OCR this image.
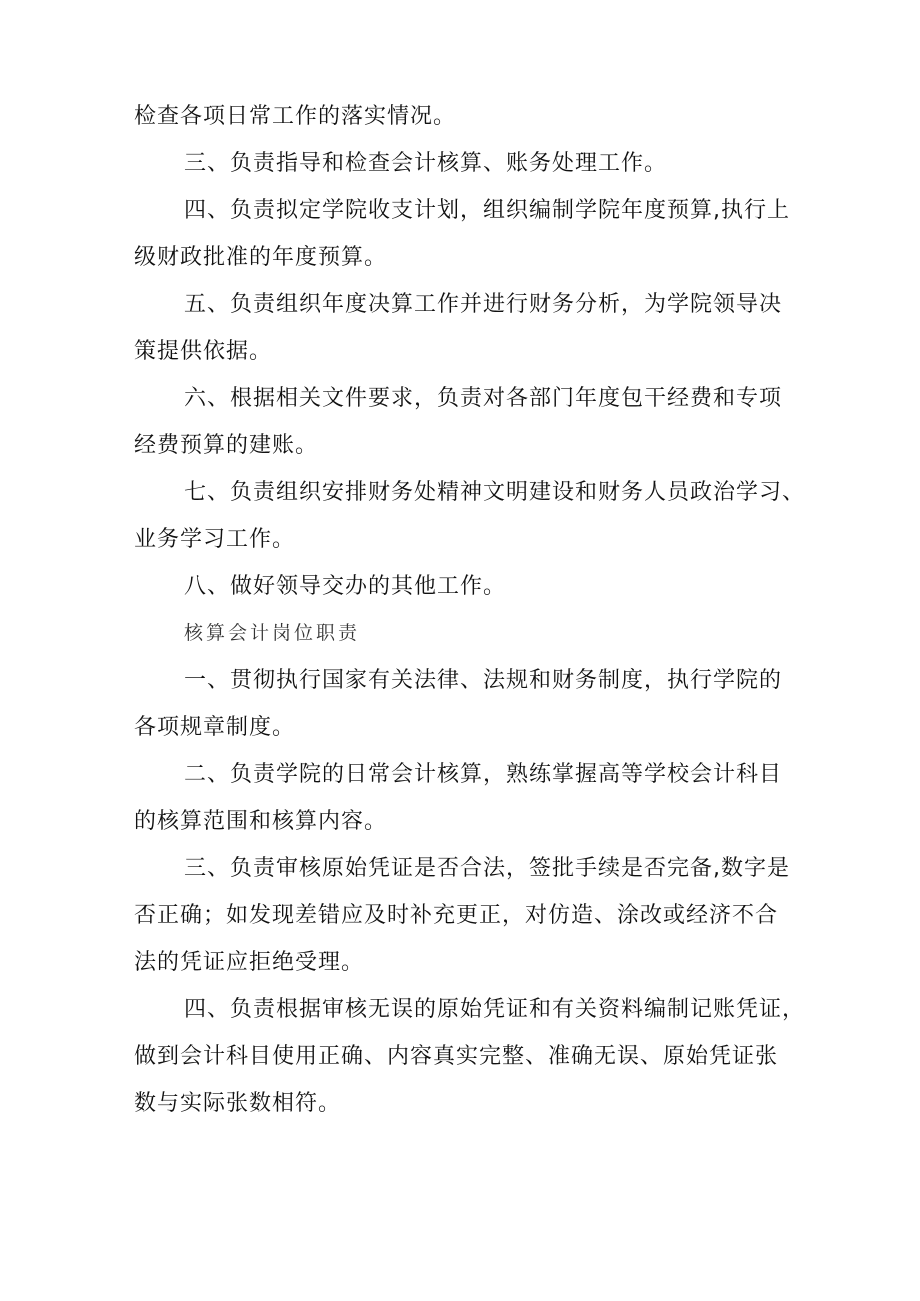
检查各项日常工作的落实情况。
三、负责指导和检查会计核算、账务处理工作。
四、负责拟定学院收支计划，组织编制学院年度预算,执行上
级财政批准的年度预算。
五、负责组织年度决算工作并进行财务分析，为学院领导决
策提供依据。
六、根据相关文件要求，负责对各部门年度包干经费和专项
经费预算的建账。
七、负责组织安排财务处精神文明建设和财务人员政治学习、
业务学习工作。
八、做好领导交办的其他工作。
核算会计岗位职责
一、贯彻执行国家有关法律、法规和财务制度，执行学院的
各项规章制度。
二、负责学院的日常会计核算，熟练掌握高等学校会计科目
的核算范围和核算内容。
三、负责审核原始凭证是否合法，签批手续是否完备,数字是
否正确；如发现差错应及时补充更正，对仿造、涂改或经济不合
法的凭证应拒绝受理。
四、负责根据审核无误的原始凭证和有关资料编制记账凭证，
做到会计科目使用正确、内容真实完整、准确无误、原始凭证张
数与实际张数相符。
